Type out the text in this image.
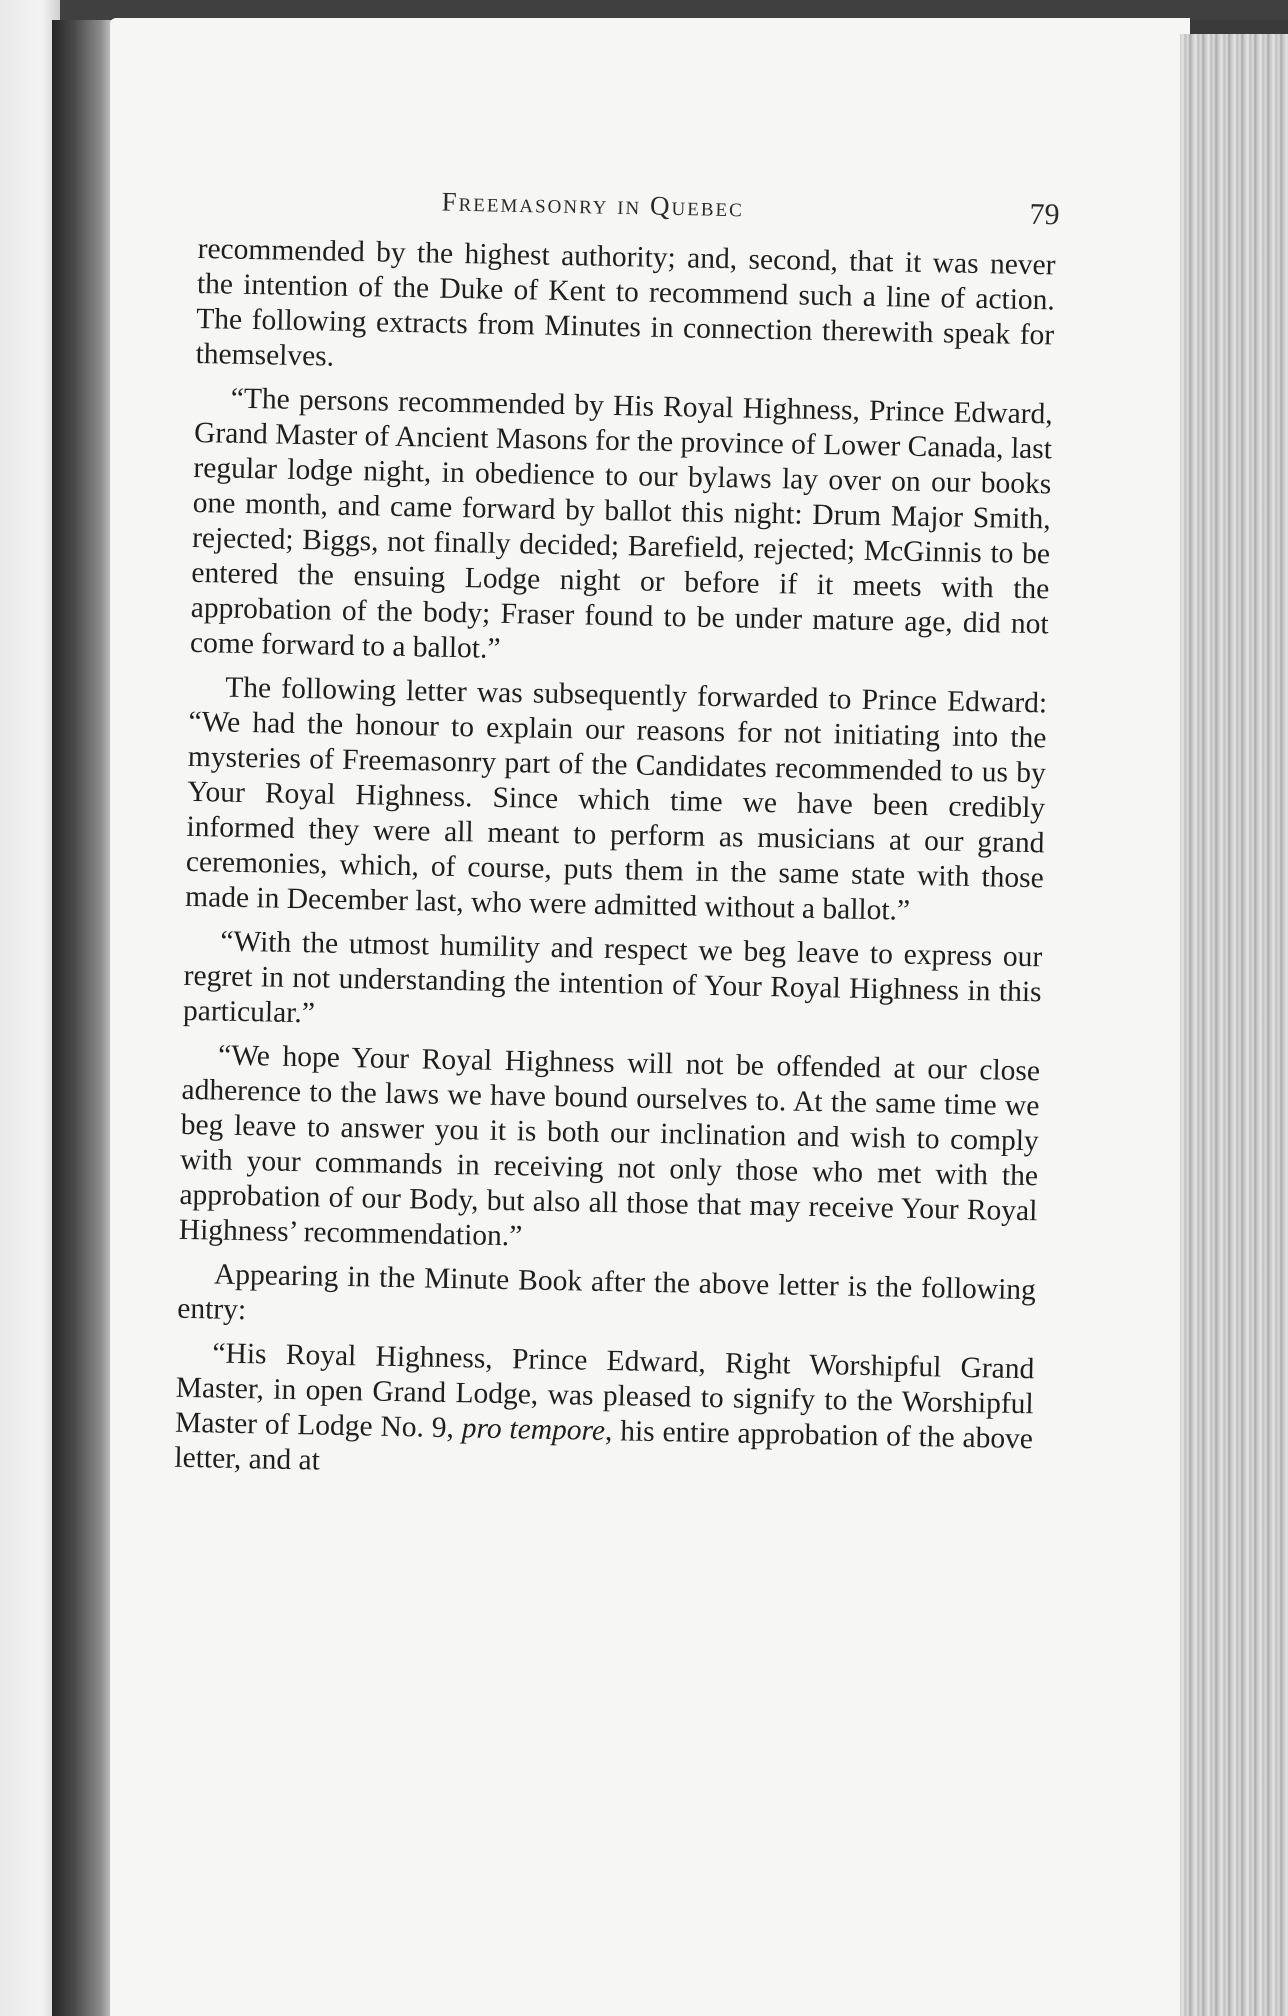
Freemasonry in Quebec	79

recommended by the highest authority; and, second, that it was never the intention of the Duke of Kent to recommend such a line of action. The following extracts from Minutes in connection therewith speak for themselves.

“The persons recommended by His Royal Highness, Prince Edward, Grand Master of Ancient Masons for the province of Lower Canada, last regular lodge night, in obedience to our bylaws lay over on our books one month, and came forward by ballot this night: Drum Major Smith, rejected; Biggs, not finally decided; Barefield, rejected; McGinnis to be entered the ensuing Lodge night or before if it meets with the approbation of the body; Fraser found to be under mature age, did not come forward to a ballot.”

The following letter was subsequently forwarded to Prince Edward: “We had the honour to explain our reasons for not initiating into the mysteries of Freemasonry part of the Candidates recommended to us by Your Royal Highness. Since which time we have been credibly informed they were all meant to perform as musicians at our grand ceremonies, which, of course, puts them in the same state with those made in December last, who were admitted without a ballot.”

“With the utmost humility and respect we beg leave to express our regret in not understanding the intention of Your Royal Highness in this particular.”

“We hope Your Royal Highness will not be offended at our close adherence to the laws we have bound ourselves to. At the same time we beg leave to answer you it is both our inclination and wish to comply with your commands in receiving not only those who met with the approbation of our Body, but also all those that may receive Your Royal Highness’ recommendation.”

Appearing in the Minute Book after the above letter is the following entry:

“His Royal Highness, Prince Edward, Right Worshipful Grand Master, in open Grand Lodge, was pleased to signify to the Worshipful Master of Lodge No. 9, pro tempore, his entire approbation of the above letter, and at
